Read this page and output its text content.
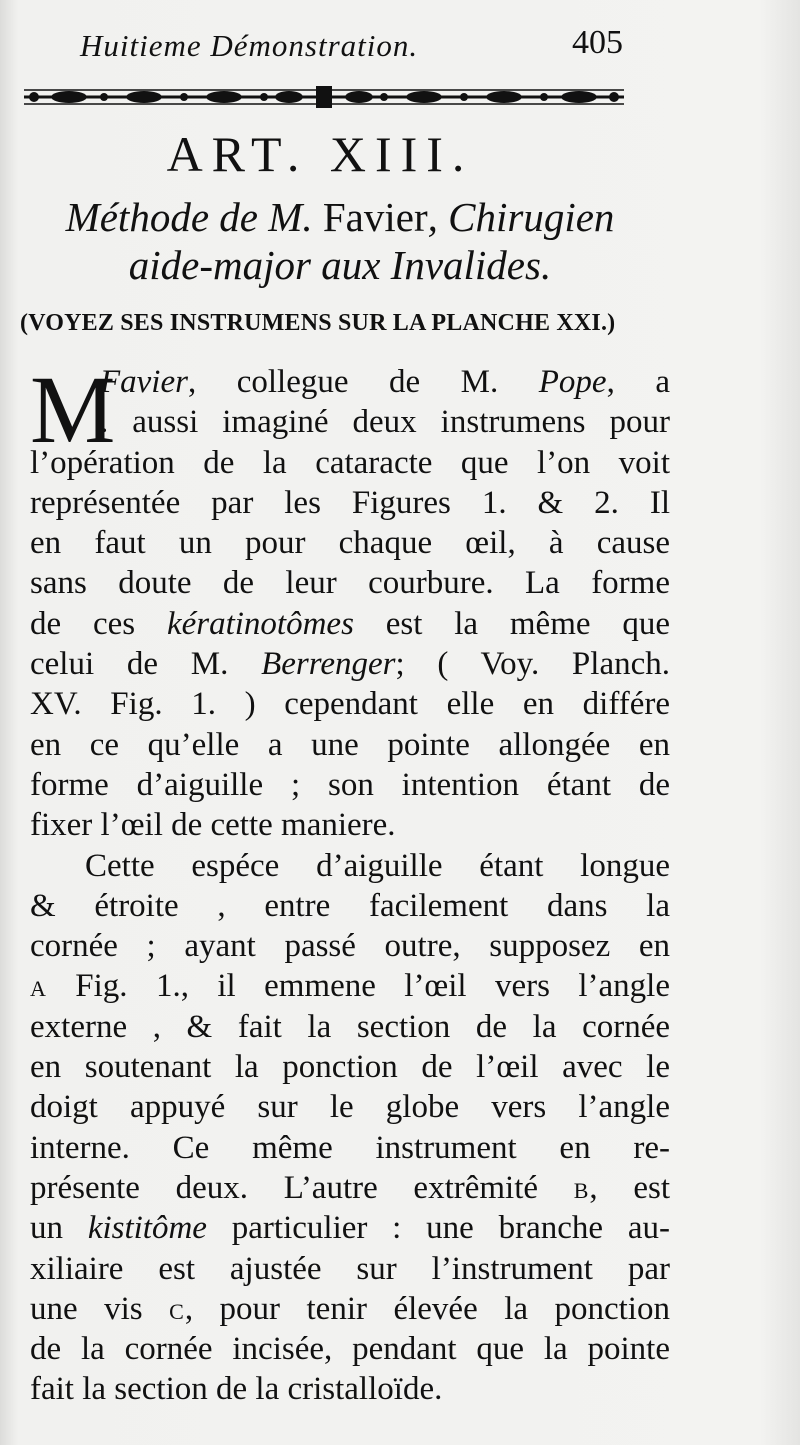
Huitieme Démonstration.	405
ART. XIII.
Méthode de M. Favier, Chirugien
aide-major aux Invalides.
(VOYEZ SES INSTRUMENS SUR LA PLANCHE XXI.)
M
Favier, collegue de M. Pope, a
. aussi imaginé deux instrumens pour
l’opération de la cataracte que l’on voit
représentée par les Figures 1. & 2. Il
en faut un pour chaque œil, à cause
sans doute de leur courbure. La forme
de ces kératinotômes est la même que
celui de M. Berrenger; ( Voy. Planch.
XV. Fig. 1. ) cependant elle en différe
en ce qu’elle a une pointe allongée en
forme d’aiguille ; son intention étant de
fixer l’œil de cette maniere.
Cette espéce d’aiguille étant longue
& étroite , entre facilement dans la
cornée ; ayant passé outre, supposez en
A Fig. 1., il emmene l’œil vers l’angle
externe , & fait la section de la cornée
en soutenant la ponction de l’œil avec le
doigt appuyé sur le globe vers l’angle
interne. Ce même instrument en re-
présente deux. L’autre extrêmité B, est
un kistitôme particulier : une branche au-
xiliaire est ajustée sur l’instrument par
une vis C, pour tenir élevée la ponction
de la cornée incisée, pendant que la pointe
fait la section de la cristalloïde.
